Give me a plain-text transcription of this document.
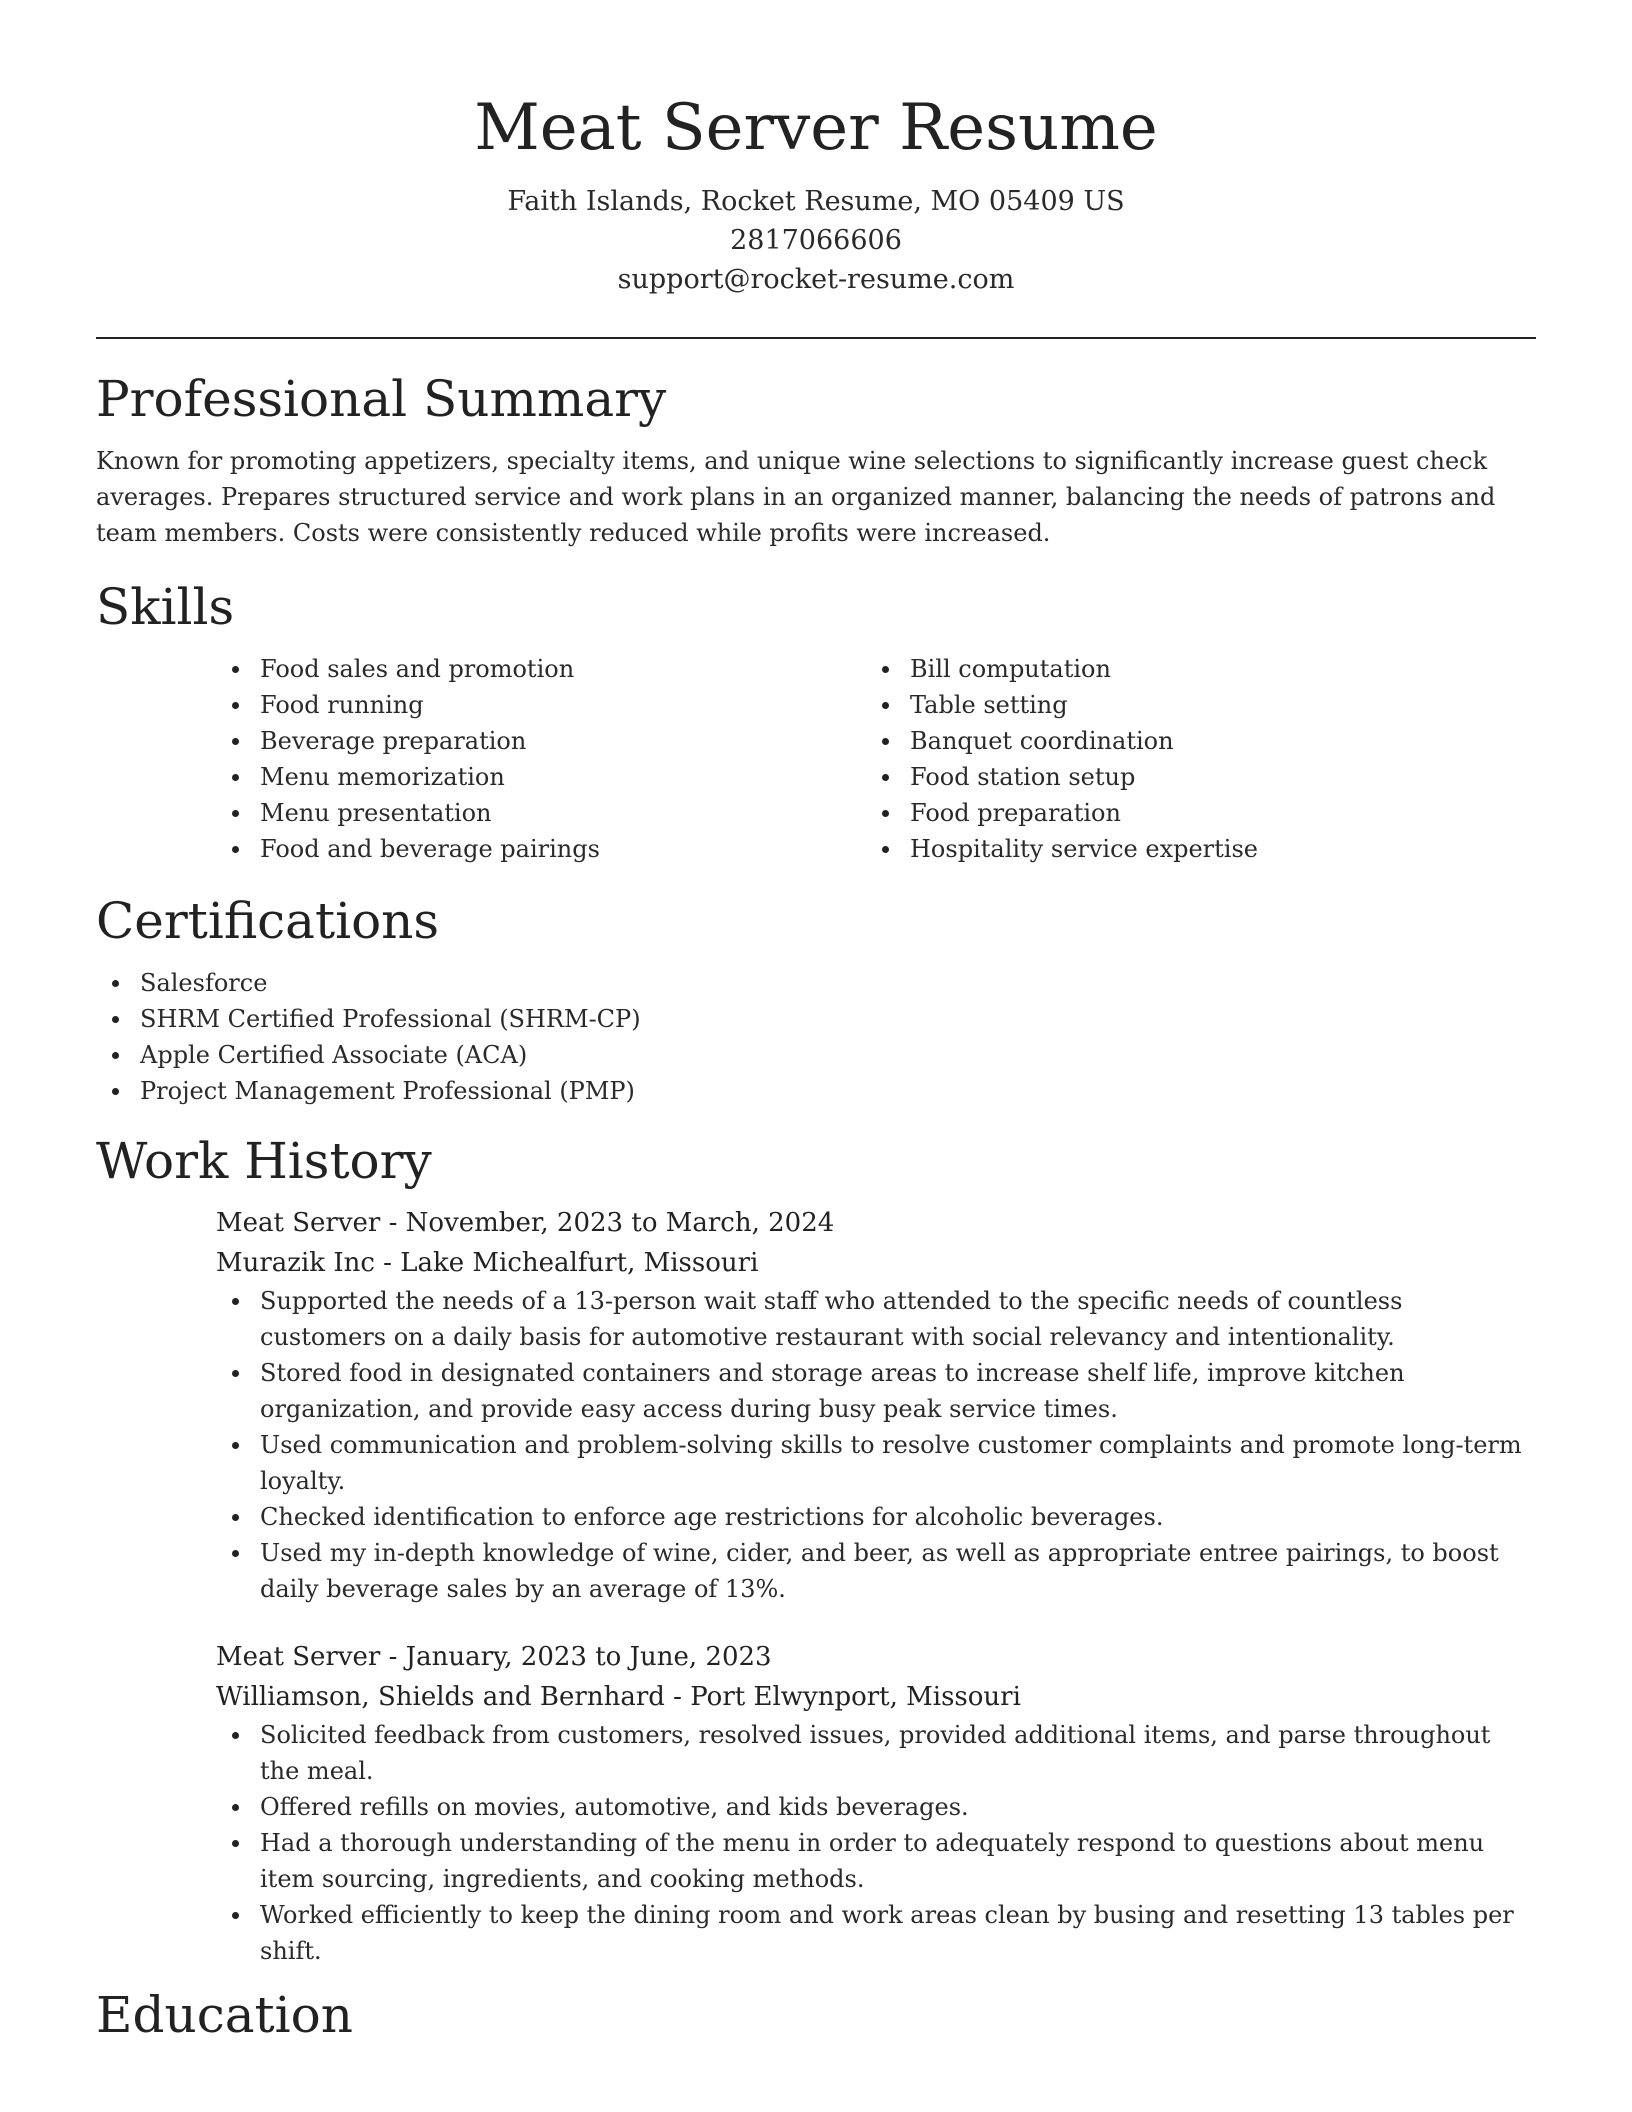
Meat Server Resume
Faith Islands, Rocket Resume, MO 05409 US
2817066606
support@rocket-resume.com
Professional Summary

Known for promoting appetizers, specialty items, and unique wine selections to significantly increase guest check averages. Prepares structured service and work plans in an organized manner, balancing the needs of patrons and team members. Costs were consistently reduced while profits were increased.

Skills
Food sales and promotion
Food running
Beverage preparation
Menu memorization
Menu presentation
Food and beverage pairings
Bill computation
Table setting
Banquet coordination
Food station setup
Food preparation
Hospitality service expertise
Certifications
Salesforce
SHRM Certified Professional (SHRM-CP)
Apple Certified Associate (ACA)
Project Management Professional (PMP)
Work History
Meat Server - November, 2023 to March, 2024
Murazik Inc - Lake Michealfurt, Missouri
Supported the needs of a 13-person wait staff who attended to the specific needs of countless customers on a daily basis for automotive restaurant with social relevancy and intentionality.
Stored food in designated containers and storage areas to increase shelf life, improve kitchen organization, and provide easy access during busy peak service times.
Used communication and problem-solving skills to resolve customer complaints and promote long-term loyalty.
Checked identification to enforce age restrictions for alcoholic beverages.
Used my in-depth knowledge of wine, cider, and beer, as well as appropriate entree pairings, to boost daily beverage sales by an average of 13%.
Meat Server - January, 2023 to June, 2023
Williamson, Shields and Bernhard - Port Elwynport, Missouri
Solicited feedback from customers, resolved issues, provided additional items, and parse throughout the meal.
Offered refills on movies, automotive, and kids beverages.
Had a thorough understanding of the menu in order to adequately respond to questions about menu item sourcing, ingredients, and cooking methods.
Worked efficiently to keep the dining room and work areas clean by busing and resetting 13 tables per shift.
Education
